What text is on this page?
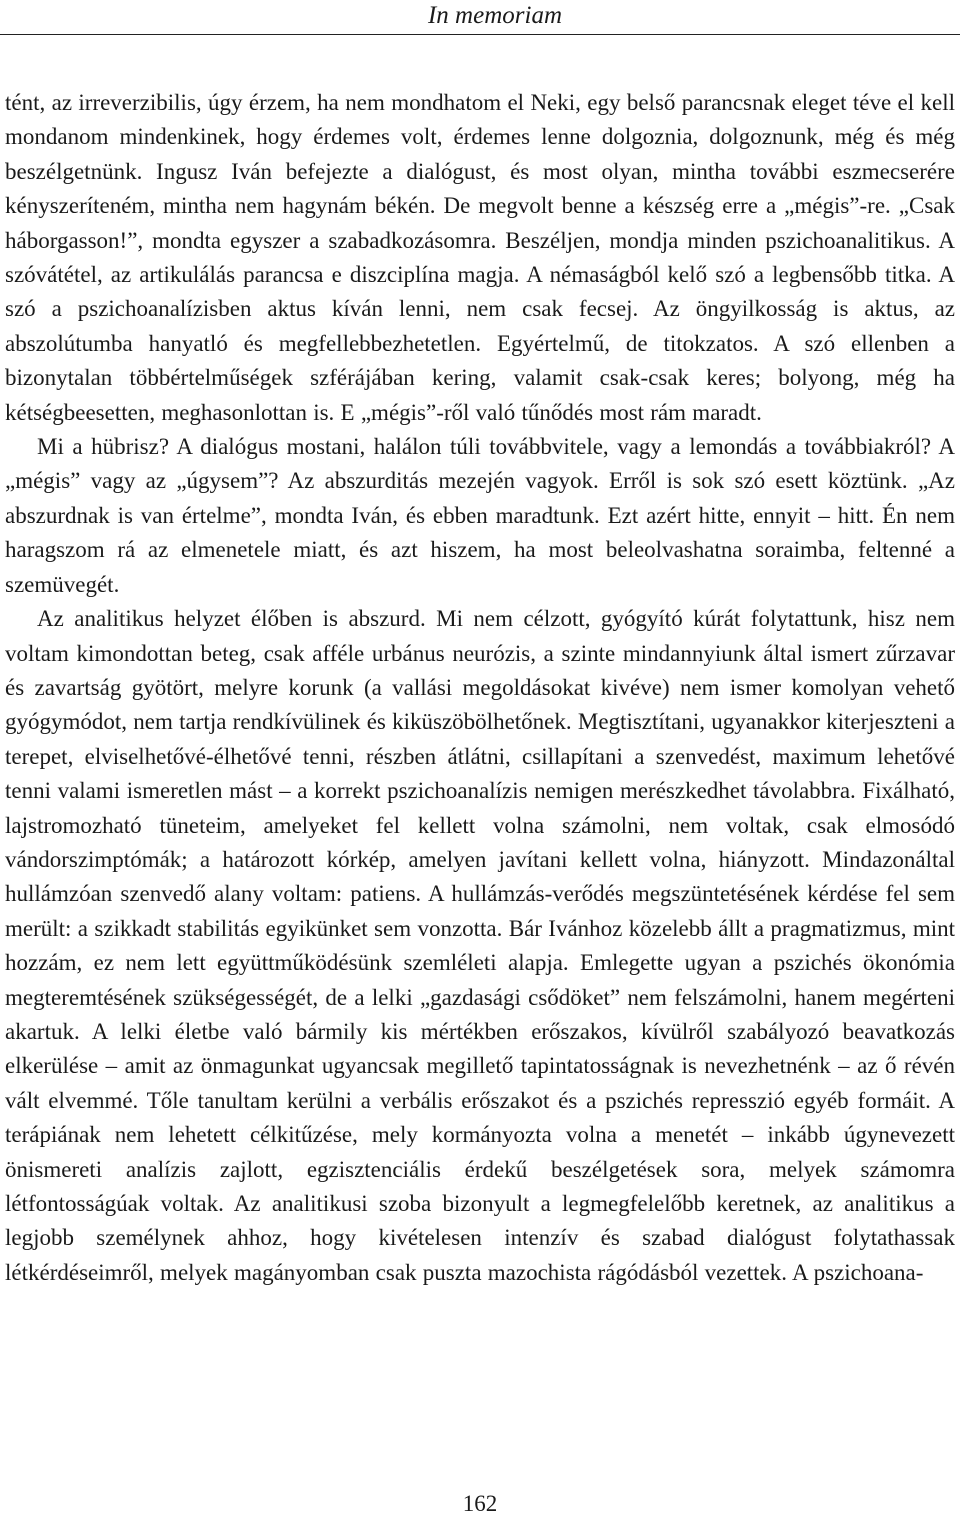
In memoriam

tént, az irreverzibilis, úgy érzem, ha nem mondhatom el Neki, egy belső parancsnak eleget téve el kell mondanom mindenkinek, hogy érdemes volt, érdemes lenne dolgoznia, dolgoznunk, még és még beszélgetnünk. Ingusz Iván befejezte a dialógust, és most olyan, mintha további eszmecserére kényszeríteném, mintha nem hagynám békén. De megvolt benne a készség erre a „mégis”-re. „Csak háborgasson!”, mondta egyszer a szabadkozásomra. Beszéljen, mondja minden pszichoanalitikus. A szóvátétel, az artikulálás parancsa e diszciplína magja. A némaságból kelő szó a legbensőbb titka. A szó a pszichoanalízisben aktus kíván lenni, nem csak fecsej. Az öngyilkosság is aktus, az abszolútumba hanyatló és megfellebbezhetetlen. Egyértelmű, de titokzatos. A szó ellenben a bizonytalan többértelműségek szférájában kering, valamit csak-csak keres; bolyong, még ha kétségbeesetten, meghasonlottan is. E „mégis”-ről való tűnődés most rám maradt.

Mi a hübrisz? A dialógus mostani, halálon túli továbbvitele, vagy a lemondás a továbbiakról? A „mégis” vagy az „úgysem”? Az abszurditás mezején vagyok. Erről is sok szó esett köztünk. „Az abszurdnak is van értelme”, mondta Iván, és ebben maradtunk. Ezt azért hitte, ennyit – hitt. Én nem haragszom rá az elmenetele miatt, és azt hiszem, ha most beleolvashatna soraimba, feltenné a szemüvegét.

Az analitikus helyzet élőben is abszurd. Mi nem célzott, gyógyító kúrát folytattunk, hisz nem voltam kimondottan beteg, csak afféle urbánus neurózis, a szinte mindannyiunk által ismert zűrzavar és zavartság gyötört, melyre korunk (a vallási megoldásokat kivéve) nem ismer komolyan vehető gyógymódot, nem tartja rendkívülinek és kiküszöbölhetőnek. Megtisztítani, ugyanakkor kiterjeszteni a terepet, elviselhetővé-élhetővé tenni, részben átlátni, csillapítani a szenvedést, maximum lehetővé tenni valami ismeretlen mást – a korrekt pszichoanalízis nemigen merészkedhet távolabbra. Fixálható, lajstromozható tüneteim, amelyeket fel kellett volna számolni, nem voltak, csak elmosódó vándorszimptómák; a határozott kórkép, amelyen javítani kellett volna, hiányzott. Mindazonáltal hullámzóan szenvedő alany voltam: patiens. A hullámzás-verődés megszüntetésének kérdése fel sem merült: a szikkadt stabilitás egyikünket sem vonzotta. Bár Ivánhoz közelebb állt a pragmatizmus, mint hozzám, ez nem lett együttműködésünk szemléleti alapja. Emlegette ugyan a pszichés ökonómia megteremtésének szükségességét, de a lelki „gazdasági csődöket” nem felszámolni, hanem megérteni akartuk. A lelki életbe való bármily kis mértékben erőszakos, kívülről szabályozó beavatkozás elkerülése – amit az önmagunkat ugyancsak megillető tapintatosságnak is nevezhetnénk – az ő révén vált elvemmé. Tőle tanultam kerülni a verbális erőszakot és a pszichés represszió egyéb formáit. A terápiának nem lehetett célkitűzése, mely kormányozta volna a menetét – inkább úgynevezett önismereti analízis zajlott, egzisztenciális érdekű beszélgetések sora, melyek számomra létfontosságúak voltak. Az analitikusi szoba bizonyult a legmegfelelőbb keretnek, az analitikus a legjobb személynek ahhoz, hogy kivételesen intenzív és szabad dialógust folytathassak létkérdéseimről, melyek magányomban csak puszta mazochista rágódásból vezettek. A pszichoana-

162
